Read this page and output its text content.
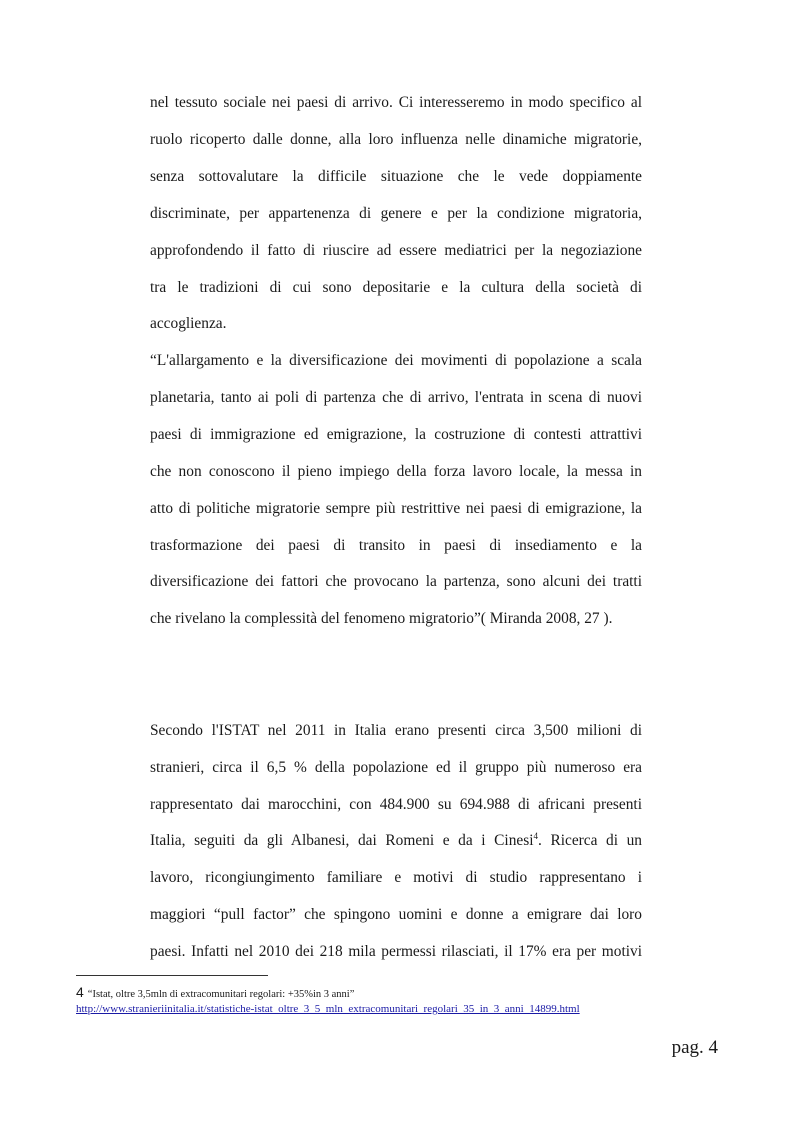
nel tessuto sociale nei paesi di arrivo. Ci interesseremo in modo specifico al
ruolo ricoperto dalle donne, alla loro influenza nelle dinamiche migratorie,
senza sottovalutare la difficile situazione che le vede doppiamente
discriminate, per appartenenza di genere e per la condizione migratoria,
approfondendo il fatto di riuscire ad essere mediatrici per la negoziazione
tra le tradizioni di cui sono depositarie e la cultura della società di
accoglienza.
“L'allargamento e la diversificazione dei movimenti di popolazione a scala
planetaria, tanto ai poli di partenza che di arrivo, l'entrata in scena di nuovi
paesi di immigrazione ed emigrazione, la costruzione di contesti attrattivi
che non conoscono il pieno impiego della forza lavoro locale, la messa in
atto di politiche migratorie sempre più restrittive nei paesi di emigrazione, la
trasformazione dei paesi di transito in paesi di insediamento e la
diversificazione dei fattori che provocano la partenza, sono alcuni dei tratti
che rivelano la complessità del fenomeno migratorio”( Miranda 2008, 27 ).
Secondo l'ISTAT nel 2011 in Italia erano presenti circa 3,500 milioni di
stranieri, circa il 6,5 % della popolazione ed il gruppo più numeroso era
rappresentato dai marocchini, con 484.900 su 694.988 di africani presenti
Italia, seguiti da gli Albanesi, dai Romeni e da i Cinesi$^4$. Ricerca di un
lavoro, ricongiungimento familiare e motivi di studio rappresentano i
maggiori “pull factor” che spingono uomini e donne a emigrare dai loro
paesi. Infatti nel 2010 dei 218 mila permessi rilasciati, il 17% era per motivi
4 “Istat, oltre 3,5mln di extracomunitari regolari: +35%in 3 anni”
http://www.stranieriinitalia.it/statistiche-istat_oltre_3_5_mln_extracomunitari_regolari_35_in_3_anni_14899.html
pag. 4
